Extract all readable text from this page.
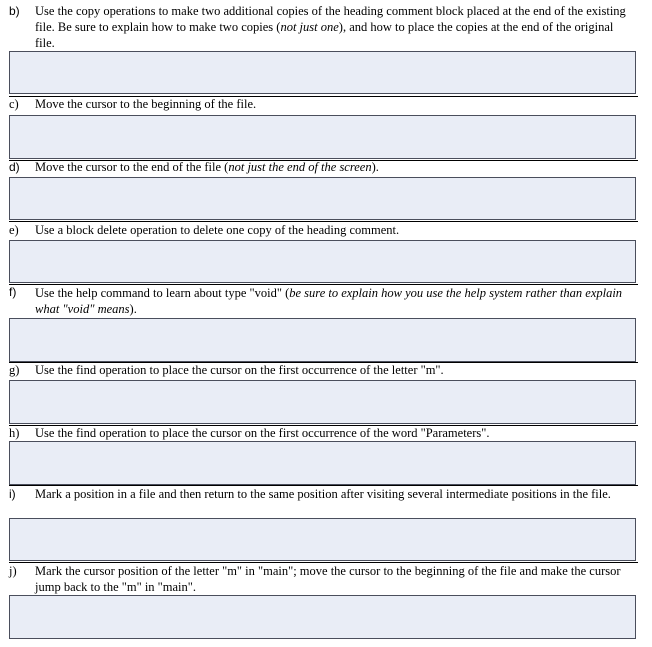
b) Use the copy operations to make two additional copies of the heading comment block placed at the end of the existing file. Be sure to explain how to make two copies (not just one), and how to place the copies at the end of the original file.
c) Move the cursor to the beginning of the file.
d) Move the cursor to the end of the file (not just the end of the screen).
e) Use a block delete operation to delete one copy of the heading comment.
f) Use the help command to learn about type "void" (be sure to explain how you use the help system rather than explain what "void" means).
g) Use the find operation to place the cursor on the first occurrence of the letter "m".
h) Use the find operation to place the cursor on the first occurrence of the word "Parameters".
i) Mark a position in a file and then return to the same position after visiting several intermediate positions in the file.
j) Mark the cursor position of the letter "m" in "main"; move the cursor to the beginning of the file and make the cursor jump back to the "m" in "main".
